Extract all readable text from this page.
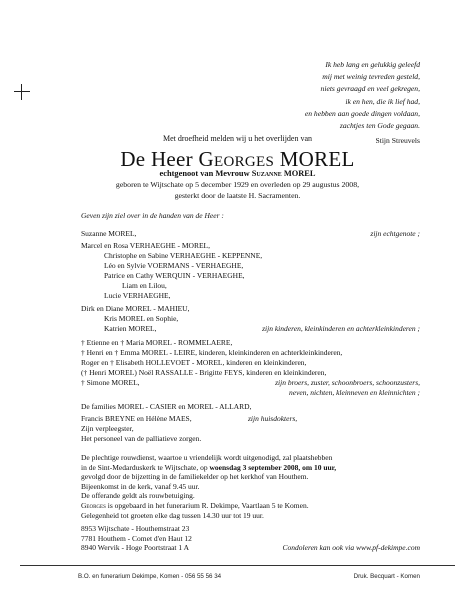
Ik heb lang en gelukkig geleefd
mij met weinig tevreden gesteld,
niets gevraagd en veel gekregen,
ik en hen, die ik lief had,
en hebben aan goede dingen voldaan,
zachtjes ten Gode gegaan.
Stijn Streuvels
Met droefheid melden wij u het overlijden van
De Heer Georges MOREL
echtgenoot van Mevrouw Suzanne MOREL
geboren te Wijtschate op 5 december 1929 en overleden op 29 augustus 2008,
gesterkt door de laatste H. Sacramenten.
Geven zijn ziel over in de handen van de Heer :
Suzanne MOREL,	zijn echtgenote ;
Marcel en Rosa VERHAEGHE - MOREL,
Christophe en Sabine VERHAEGHE - KEPPENNE,
Léo en Sylvie VOERMANS - VERHAEGHE,
Patrice en Cathy WERQUIN - VERHAEGHE,
Liam en Lilou,
Lucie VERHAEGHE,
Dirk en Diane MOREL - MAHIEU,
Kris MOREL en Sophie,
Katrien MOREL,	zijn kinderen, kleinkinderen en achterkleinkinderen ;
† Etienne en † Maria MOREL - ROMMELAERE,
† Henri en † Emma MOREL - LEIRE, kinderen, kleinkinderen en achterkleinkinderen,
Roger en † Elisabeth HOLLEVOET - MOREL, kinderen en kleinkinderen,
(† Henri MOREL) Noël RASSALLE - Brigitte FEYS, kinderen en kleinkinderen,
† Simone MOREL,	zijn broers, zuster, schoonbroers, schoonzusters,
neven, nichten, kleinneven en kleinnichten ;
De families MOREL - CASIER en MOREL - ALLARD,
Francis BREYNE en Hélène MAES,	zijn huisdokters,
Zijn verpleegster,
Het personeel van de palliatieve zorgen.
De plechtige rouwdienst, waartoe u vriendelijk wordt uitgenodigd, zal plaatshebben
in de Sint-Medarduskerk te Wijtschate, op woensdag 3 september 2008, om 10 uur,
gevolgd door de bijzetting in de familiekelder op het kerkhof van Houthem.
Bijeenkomst in de kerk, vanaf 9.45 uur.
De offerande geldt als rouwbetuiging.
Georges is opgebaard in het funerarium R. Dekimpe, Vaartlaan 5 te Komen.
Gelegenheid tot groeten elke dag tussen 14.30 uur tot 19 uur.
8953 Wijtschate - Houthemstraat 23
7781 Houthem - Comet d'en Haut 12
8940 Wervik - Hoge Poortstraat 1 A	Condoleren kan ook via www.pf-dekimpe.com
B.O. en funerarium Dekimpe, Komen - 056 55 56 34	Druk. Becquart - Komen
